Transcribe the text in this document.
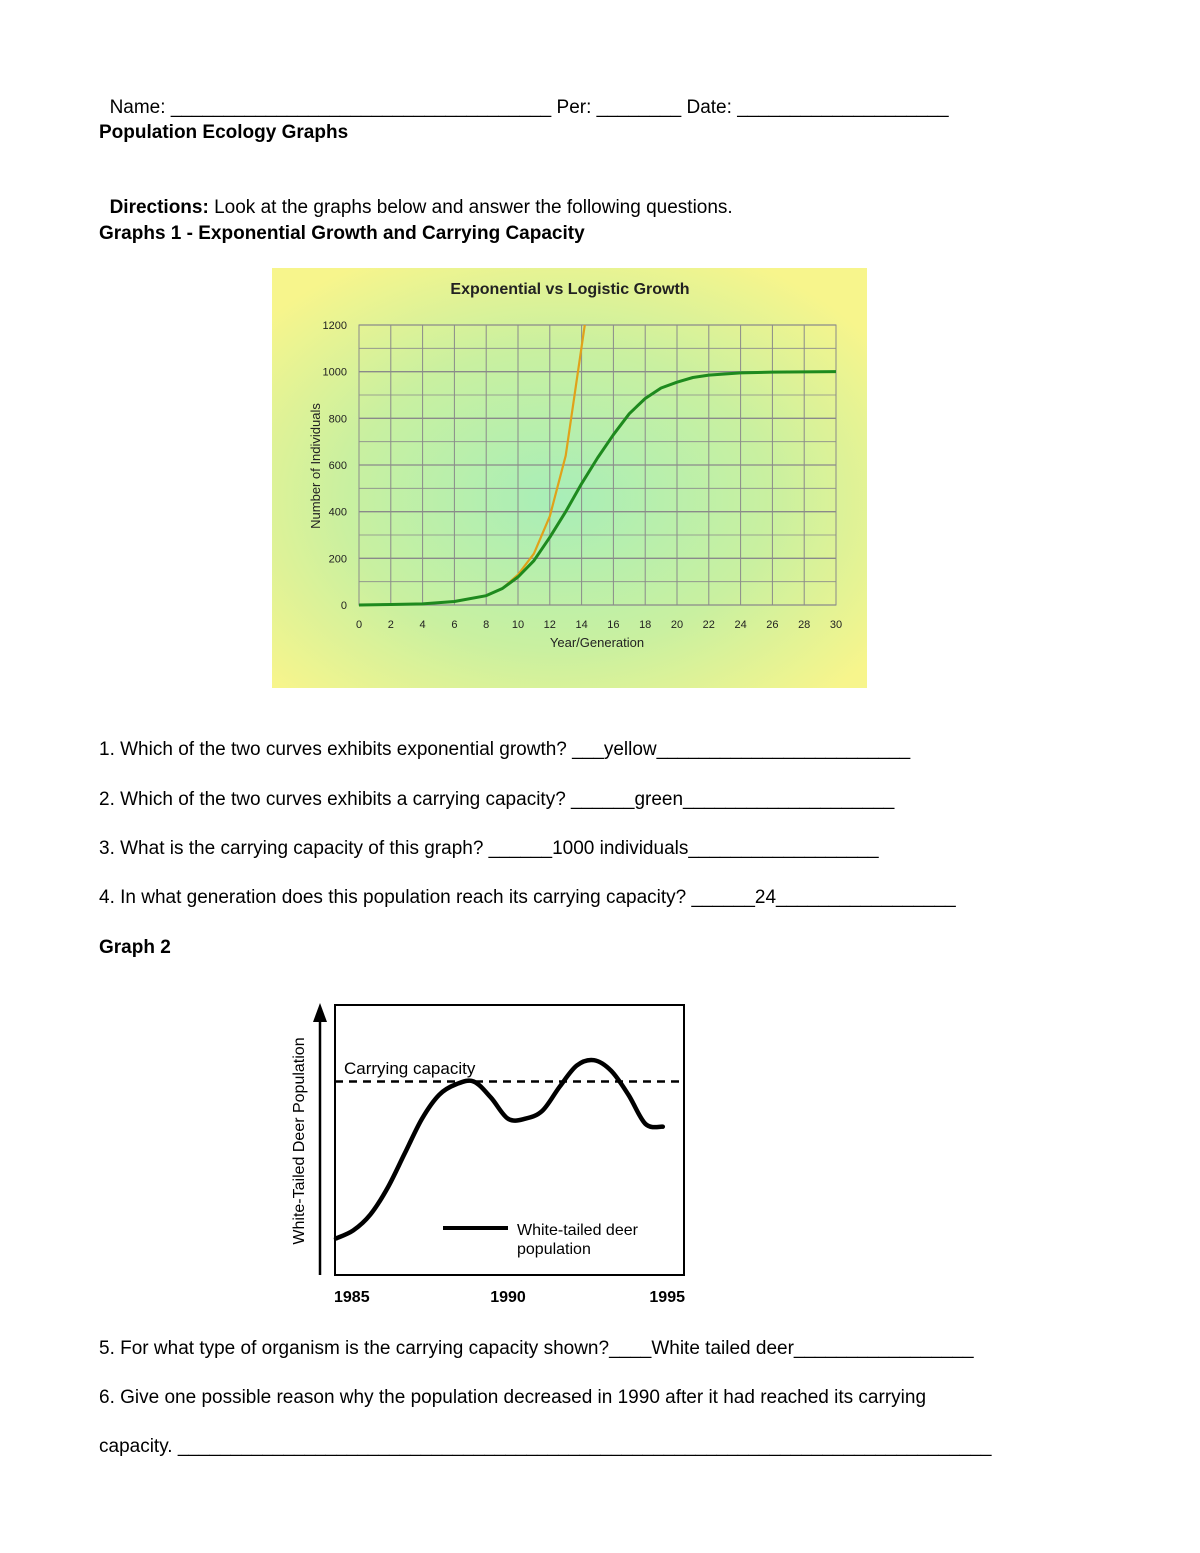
Name: ____________________________________ Per: ________ Date: ____________________

Population Ecology Graphs

Directions: Look at the graphs below and answer the following questions.

Graphs 1 - Exponential Growth and Carrying Capacity
Exponential vs Logistic Growth
0 2 4 6 8 10 12 14 16 18 20 22 24 26 28 30
0
200
400
600
800
1000
1200
Year/Generation
Number of Individuals
1. Which of the two curves exhibits exponential growth? ___yellow________________________
2. Which of the two curves exhibits a carrying capacity? ______green____________________
3. What is the carrying capacity of this graph? ______1000 individuals__________________
4. In what generation does this population reach its carrying capacity? ______24_________________
Graph 2
White-Tailed Deer Population Carrying capacity
White-tailed deer
population
1985	1990	1995
5. For what type of organism is the carrying capacity shown?____White tailed deer_________________
6. Give one possible reason why the population decreased in 1990 after it had reached its carrying
capacity. _____________________________________________________________________________
